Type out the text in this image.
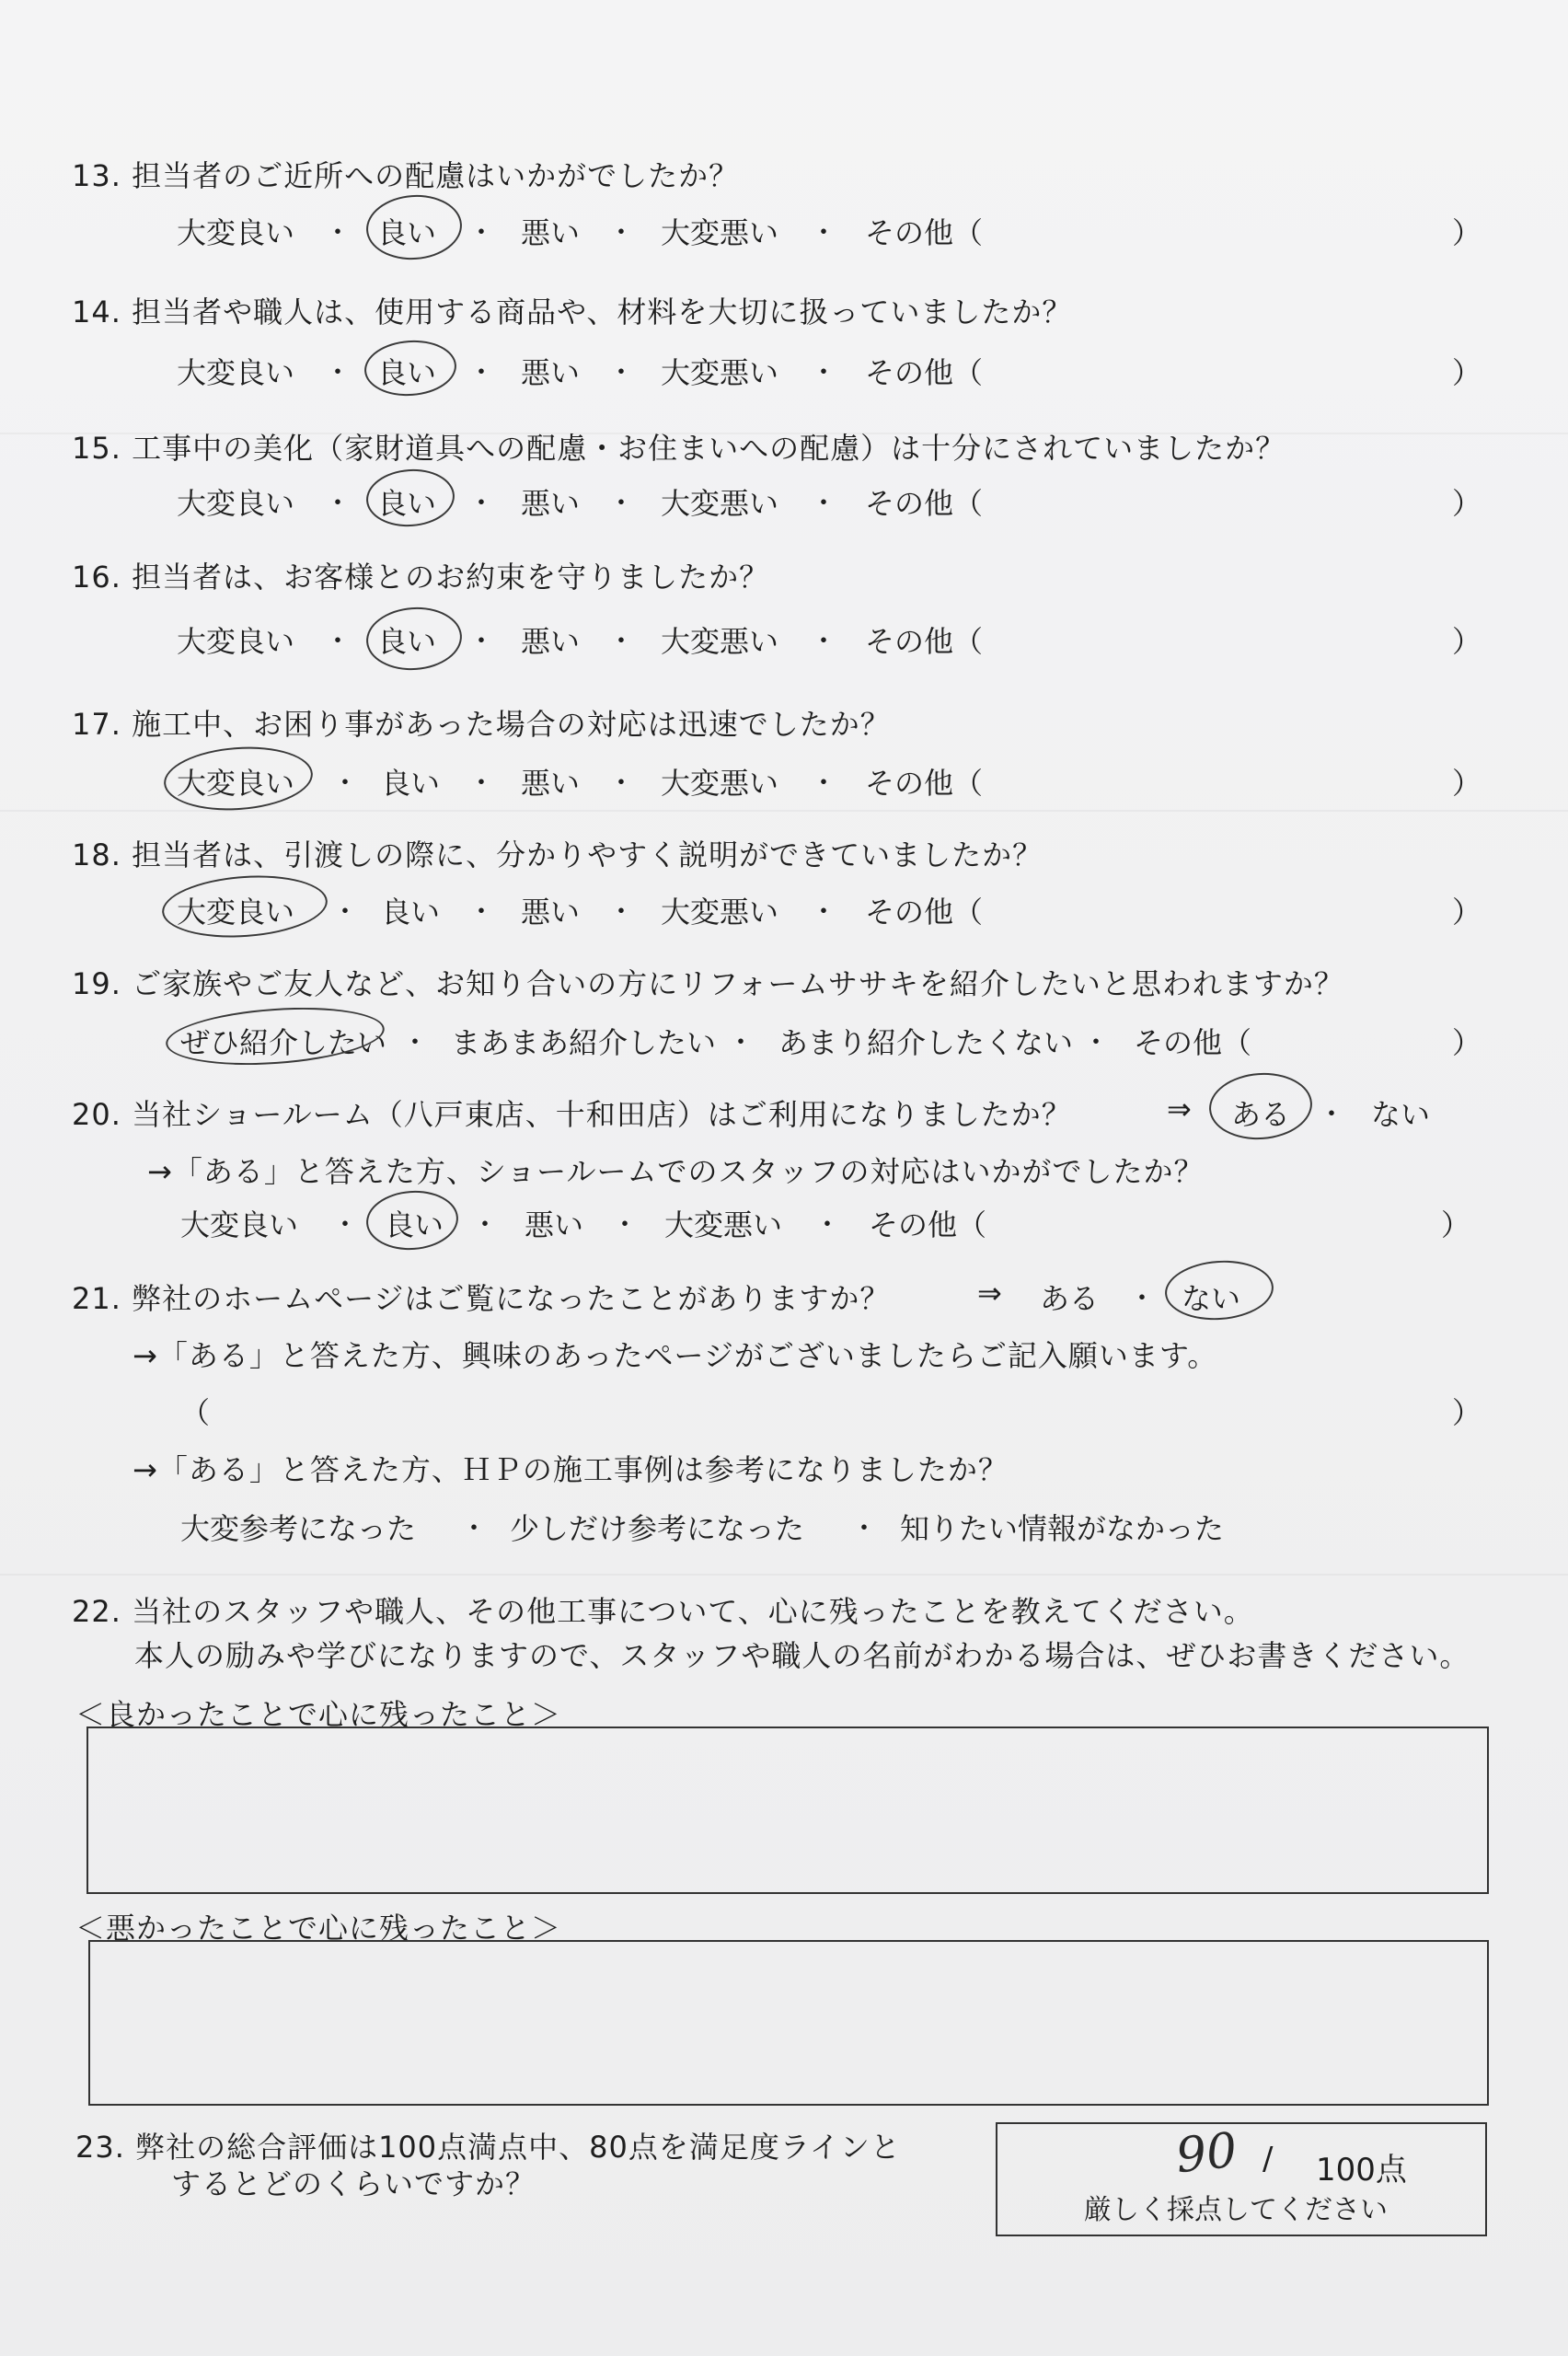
13. 担当者のご近所への配慮はいかがでしたか？
大変良い ・ 良い ・ 悪い ・ 大変悪い ・ その他（	）
14. 担当者や職人は、使用する商品や、材料を大切に扱っていましたか？
大変良い ・ 良い ・ 悪い ・ 大変悪い ・ その他（	）
15. 工事中の美化（家財道具への配慮・お住まいへの配慮）は十分にされていましたか？
大変良い ・ 良い ・ 悪い ・ 大変悪い ・ その他（	）
16. 担当者は、お客様とのお約束を守りましたか？
大変良い ・ 良い ・ 悪い ・ 大変悪い ・ その他（	）
17. 施工中、お困り事があった場合の対応は迅速でしたか？
大変良い ・ 良い ・ 悪い ・ 大変悪い ・ その他（	）
18. 担当者は、引渡しの際に、分かりやすく説明ができていましたか？
大変良い ・ 良い ・ 悪い ・ 大変悪い ・ その他（	）
19. ご家族やご友人など、お知り合いの方にリフォームササキを紹介したいと思われますか？
ぜひ紹介したい ・ まあまあ紹介したい ・ あまり紹介したくない ・ その他（	）
20. 当社ショールーム（八戸東店、十和田店）はご利用になりましたか？	⇒ ある ・ ない
→「ある」と答えた方、ショールームでのスタッフの対応はいかがでしたか？
大変良い ・ 良い ・ 悪い ・ 大変悪い ・ その他（	）
21. 弊社のホームページはご覧になったことがありますか？	⇒ ある ・ ない
→「ある」と答えた方、興味のあったページがございましたらご記入願います。
（	）
→「ある」と答えた方、ＨＰの施工事例は参考になりましたか？
大変参考になった ・ 少しだけ参考になった ・ 知りたい情報がなかった
22. 当社のスタッフや職人、その他工事について、心に残ったことを教えてください。
本人の励みや学びになりますので、スタッフや職人の名前がわかる場合は、ぜひお書きください。
＜良かったことで心に残ったこと＞
＜悪かったことで心に残ったこと＞
23. 弊社の総合評価は100点満点中、80点を満足度ラインと
するとどのくらいですか？	90 / 100点
厳しく採点してください
